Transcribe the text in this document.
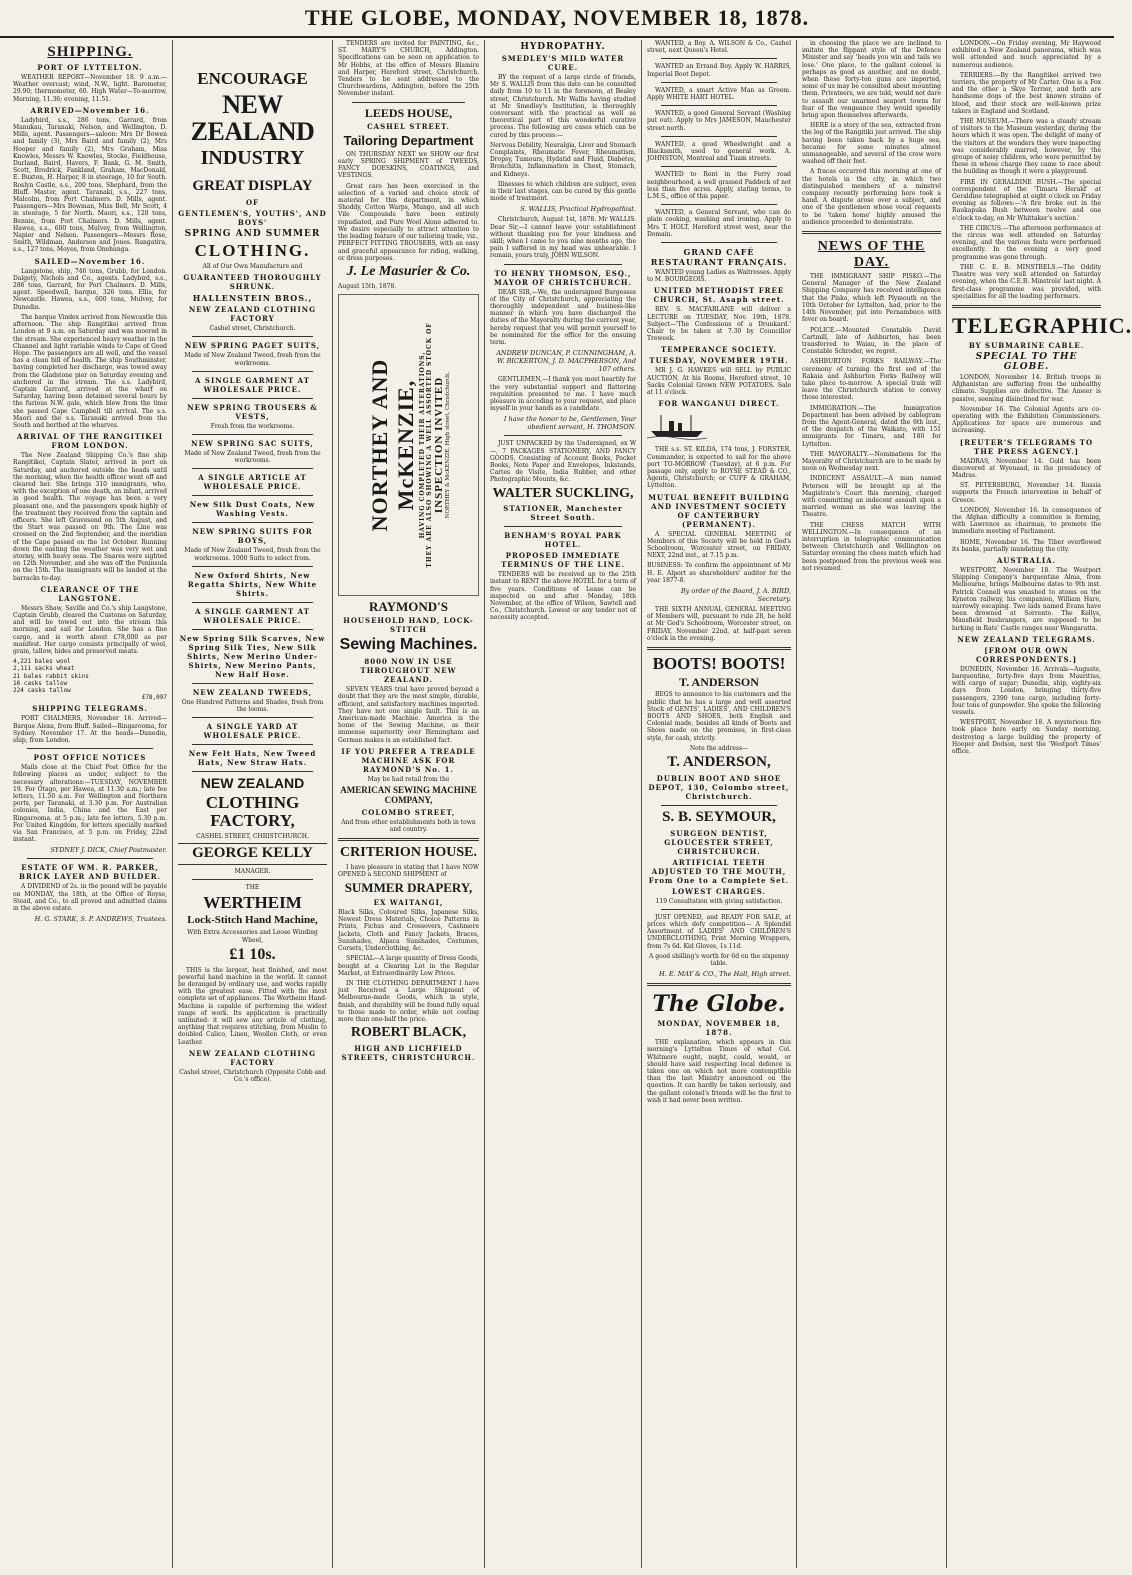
THE GLOBE, MONDAY, NOVEMBER 18, 1878.
SHIPPING.
PORT OF LYTTELTON.

WEATHER REPORT—November 18. 9 a.m.—Weather overcast; wind, N.W., light. Barometer, 29.90; thermometer, 60. High Water—To-morrow, Morning, 11.36; evening, 11.51.

ARRIVED—November 16.

Ladybird, s.s., 286 tons, Garrard, from Manukau, Taranaki, Nelson, and Wellington. D. Mills, agent. Passengers—saloon: Mrs Dr Bowen and family (3), Mrs Baird and family (2), Mrs Hooper and family (2), Mrs Graham, Miss Knowles, Messrs W. Knowles, Stocke, Fieldhouse, Durland, Baird, Havers, F. Bank, G. M. Smith, Scott, Brodrick, Fankland, Graham, MacDonald, E. Buxton, H. Harper, 8 in steerage, 10 for South. Roslyn Castle, s.s., 200 tons, Shephard, from the Bluff. Master, agent. Taranaki, s.s., 227 tons, Malcolm, from Port Chalmers. D. Mills, agent. Passengers—Mrs Bowman, Miss Bell, Mr Scott, 4 in steerage, 5 for North. Maori, s.s., 128 tons, Bennie, from Port Chalmers. D. Mills, agent. Hawea, s.s., 600 tons, Mulvey, from Wellington, Napier and Nelson. Passengers—Messrs Rose, Smith, Wildman, Andersen and Jones. Rangatira, s.s., 127 tons, Moyes, from Onehunga.

SAILED—November 16.

Langstone, ship, 746 tons, Grubb, for London. Dalgety, Nichols and Co., agents. Ladybird, s.s., 286 tons, Garrard, for Port Chalmers. D. Mills, agent. Speedwell, barque, 326 tons, Ellis, for Newcastle. Hawea, s.s., 600 tons, Mulvey, for Dunedin.

The barque Vindex arrived from Newcastle this afternoon. The ship Rangitikei arrived from London at 9 a.m. on Saturday and was moored in the stream. She experienced heavy weather in the Channel and light variable winds to Cape of Good Hope. The passengers are all well, and the vessel has a clean bill of health. The ship Southminster, having completed her discharge, was towed away from the Gladstone pier on Saturday evening and anchored in the stream. The s.s. Ladybird, Captain Garrard, arrived at the wharf on Saturday, having been detained several hours by the furious N.W. gale, which blew from the time she passed Cape Campbell till arrival. The s.s. Maori and the s.s. Taranaki arrived from the South and berthed at the wharves.

ARRIVAL OF THE RANGITIKEI FROM LONDON.

The New Zealand Shipping Co.'s fine ship Rangitikei, Captain Slater, arrived in port on Saturday, and anchored outside the heads until the morning, when the health officer went off and cleared her. She brings 310 immigrants, who, with the exception of one death, an infant, arrived in good health. The voyage has been a very pleasant one, and the passengers speak highly of the treatment they received from the captain and officers. She left Gravesend on 5th August, and the Start was passed on 9th. The Line was crossed on the 2nd September, and the meridian of the Cape passed on the 1st October. Running down the easting the weather was very wet and stormy, with heavy seas. The Snares were sighted on 12th November, and she was off the Peninsula on the 15th. The immigrants will be landed at the barracks to-day.

CLEARANCE OF THE LANGSTONE.

Messrs Shaw, Saville and Co.'s ship Langstone, Captain Grubb, cleared the Customs on Saturday, and will be towed out into the stream this morning, and sail for London. She has a fine cargo, and is worth about £78,000 as per manifest. Her cargo consists principally of wool, grain, tallow, hides and preserved meats.

4,221 bales wool
2,111 sacks wheat
21 bales rabbit skins
16 casks tallow
224 casks tallow
£78,097
SHIPPING TELEGRAMS.

PORT CHALMERS, November 16. Arrived—Barque Alexa, from Bluff. Sailed—Ringarooma, for Sydney. November 17. At the heads—Dunedin, ship, from London.

POST OFFICE NOTICES

Mails close at the Chief Post Office for the following places as under, subject to the necessary alterations:—TUESDAY, NOVEMBER 19. For Otago, per Hawea, at 11.30 a.m.; late fee letters, 11.50 a.m. For Wellington and Northern ports, per Taranaki, at 3.30 p.m. For Australian colonies, India, China and the East per Ringarooma, at 5 p.m.; late fee letters, 5.30 p.m. For United Kingdom, for letters specially marked via San Francisco, at 5 p.m. on Friday, 22nd instant.

SYDNEY J. DICK, Chief Postmaster.
ESTATE OF WM. R. PARKER, BRICK LAYER AND BUILDER.

A DIVIDEND of 2s. in the pound will be payable on MONDAY, the 18th, at the Office of Royse, Stead, and Co., to all proved and admitted claims in the above estate.

H. G. STARK, S. P. ANDREWS, Trustees.
ENCOURAGE
NEW ZEALAND
INDUSTRY
GREAT DISPLAY
OF
GENTLEMEN'S, YOUTHS', AND BOYS'
SPRING AND SUMMER
CLOTHING.
All of Our Own Manufacture and
GUARANTEED THOROUGHLY SHRUNK.
HALLENSTEIN BROS.,
NEW ZEALAND CLOTHING FACTORY
Cashel street, Christchurch.
NEW SPRING PAGET SUITS,
Made of New Zealand Tweed, fresh from the workrooms.
A SINGLE GARMENT AT WHOLESALE PRICE.
NEW SPRING TROUSERS & VESTS,
Fresh from the workrooms.
NEW SPRING SAC SUITS,
Made of New Zealand Tweed, fresh from the workrooms.
A SINGLE ARTICLE AT WHOLESALE PRICE.
New Silk Dust Coats, New Washing Vests.
NEW SPRING SUITS FOR BOYS,
Made of New Zealand Tweed, fresh from the workrooms. 1000 Suits to select from.
New Oxford Shirts, New Regatta Shirts, New White Shirts.
A SINGLE GARMENT AT WHOLESALE PRICE.
New Spring Silk Scarves, New Spring Silk Ties, New Silk Shirts, New Merino Under-Shirts, New Merino Pants, New Half Hose.
NEW ZEALAND TWEEDS,
One Hundred Patterns and Shades, fresh from the looms.
A SINGLE YARD AT WHOLESALE PRICE.
New Felt Hats, New Tweed Hats, New Straw Hats.
NEW ZEALAND
CLOTHING FACTORY,
CASHEL STREET, CHRISTCHURCH.
GEORGE KELLY
MANAGER.
THE
WERTHEIM
Lock-Stitch Hand Machine,
With Extra Accessories and Loose Winding Wheel,
£1 10s.

THIS is the largest, best finished, and most powerful hand machine in the world. It cannot be deranged by ordinary use, and works rapidly with the greatest ease. Fitted with the most complete set of appliances. The Wertheim Hand-Machine is capable of performing the widest range of work. Its application is practically unlimited: it will sew any article of clothing, anything that requires stitching, from Muslin to doubled Calico, Linen, Woollen Cloth, or even Leather.

NEW ZEALAND CLOTHING FACTORY
Cashel street, Christchurch (Opposite Cobb and Co.'s office).

TENDERS are invited for PAINTING, &c., ST. MARY'S CHURCH, Addington. Specifications can be seen on application to Mr Hobbs, at the office of Messrs Blamire and Harper, Hereford street, Christchurch. Tenders to be sent addressed to the Churchwardens, Addington, before the 25th November instant.

LEEDS HOUSE,
CASHEL STREET.
Tailoring Department

ON THURSDAY NEXT we SHOW our first early SPRING SHIPMENT of TWEEDS, FANCY DOESKINS, COATINGS, and VESTINGS.

Great care has been exercised in the selection of a varied and choice stock of material for this department, in which Shoddy, Cotton Warps, Mungo, and all such Vile Compounds have been entirely repudiated, and Pure Wool Alone adhered to. We desire especially to attract attention to the leading feature of our tailoring trade, viz., PERFECT FITTING TROUSERS, with an easy and graceful appearance for riding, walking, or dress purposes.

J. Le Masurier & Co.
August 15th, 1878.
NORTHEY AND McKENZIE, HAVING COMPLETED THEIR ALTERATIONS, THEY ARE ALSO SHOWING A WELL ASSORTED STOCK OF INSPECTION INVITED NORTHEY & McKENZIE, High street, Christchurch.
RAYMOND'S
HOUSEHOLD HAND, LOCK-STITCH
Sewing Machines.
8000 NOW IN USE THROUGHOUT NEW ZEALAND.

SEVEN YEARS trial have proved beyond a doubt that they are the most simple, durable, efficient, and satisfactory machines imported. They have not one single fault. This is an American-made Machine. America is the home of the Sewing Machine, as their immense superiority over Birmingham and German makes is an established fact.

IF YOU PREFER A TREADLE MACHINE ASK FOR RAYMOND'S No. 1.
May be had retail from the
AMERICAN SEWING MACHINE COMPANY,
COLOMBO STREET,
And from other establishments both in town and country.
CRITERION HOUSE.

I have pleasure in stating that I have NOW OPENED a SECOND SHIPMENT of

SUMMER DRAPERY,
EX WAITANGI,

Black Silks, Coloured Silks, Japanese Silks, Newest Dress Materials, Choice Patterns in Prints, Fichus and Crossovers, Cashmere Jackets, Cloth and Fancy Jackets, Braces, Sunshades, Alpaca Sunshades, Costumes, Corsets, Underclothing, &c.

SPECIAL—A large quantity of Dress Goods, bought at a Clearing Lot in the Regular Market, at Extraordinarily Low Prices.

IN THE CLOTHING DEPARTMENT I have just Received a Large Shipment of Melbourne-made Goods, which in style, finish, and durability will be found fully equal to those made to order, while not costing more than one-half the price.

ROBERT BLACK,
HIGH AND LICHFIELD STREETS, CHRISTCHURCH.
HYDROPATHY.
SMEDLEY'S MILD WATER CURE.

BY the request of a large circle of friends, Mr S. WALLIS from this date can be consulted daily from 10 to 11 in the forenoon, at Bealey street, Christchurch. Mr Wallis having studied at Mr Smedley's Institution, is thoroughly conversant with the practical as well as theoretical part of this wonderful curative process. The following are cases which can be cured by this process:—

Nervous Debility, Neuralgia, Liver and Stomach Complaints, Rheumatic Fever, Rheumatism, Dropsy, Tumours, Hydatid and Fluid, Diabetes, Bronchitis, Inflammation in Chest, Stomach, and Kidneys.

Illnesses to which children are subject, even in their last stages, can be cured by this gentle mode of treatment.

S. WALLIS, Practical Hydropathist.

Christchurch, August 1st, 1878. Mr WALLIS. Dear Sir,—I cannot leave your establishment without thanking you for your kindness and skill; when I came to you nine months ago, the pain I suffered in my head was unbearable. I remain, yours truly, JOHN WILSON.

TO HENRY THOMSON, ESQ., MAYOR OF CHRISTCHURCH.

DEAR SIR,—We, the undersigned Burgesses of the City of Christchurch, appreciating the thoroughly independent and business-like manner in which you have discharged the duties of the Mayoralty during the current year, hereby request that you will permit yourself to be nominated for the office for the ensuing term.

ANDREW DUNCAN, P. CUNNINGHAM, A. W. BICKERTON, J. D. MACPHERSON, And 107 others.

GENTLEMEN,—I thank you most heartily for the very substantial support and flattering requisition presented to me. I have much pleasure in acceding to your request, and place myself in your hands as a candidate.

I have the honor to be, Gentlemen, Your obedient servant, H. THOMSON.

JUST UNPACKED by the Undersigned, ex W—, 7 PACKAGES STATIONERY, AND FANCY GOODS, Consisting of Account Books, Pocket Books, Note Paper and Envelopes, Inkstands, Cartes de Visite, India Rubber, and other Photographic Mounts, &c.

WALTER SUCKLING,
STATIONER, Manchester Street South.
BENHAM'S ROYAL PARK HOTEL.
PROPOSED IMMEDIATE TERMINUS OF THE LINE.

TENDERS will be received up to the 25th instant to RENT the above HOTEL for a term of five years. Conditions of Lease can be inspected on and after Monday, 18th November, at the office of Wilson, Sawtell and Co., Christchurch. Lowest or any tender not of necessity accepted.

WANTED, a Boy. A. WILSON & Co., Cashel street, next Queen's Hotel.

WANTED an Errand Boy. Apply W. HARRIS, Imperial Boot Depot.

WANTED, a smart Active Man as Groom. Apply WHITE HART HOTEL.

WANTED, a good General Servant (Washing put out). Apply to Mrs JAMESON, Manchester street north.

WANTED, a good Wheelwright and a Blacksmith, used to general work. A. JOHNSTON, Montreal and Tuam streets.

WANTED to Rent in the Ferry road neighbourhood, a well grassed Paddock of not less than five acres. Apply, stating terms, to L.M.S., office of this paper.

WANTED, a General Servant, who can do plain cooking, washing and ironing. Apply to Mrs T. HOLT, Hereford street west, near the Domain.

GRAND CAFÉ RESTAURANT FRANÇAIS.

WANTED young Ladies as Waitresses. Apply to M. BOURGEOIS.

UNITED METHODIST FREE CHURCH, St. Asaph street.

REV. S. MACFARLANE will deliver a LECTURE on TUESDAY, Nov. 19th, 1878. Subject—'The Confessions of a Drunkard.' Chair to be taken at 7.30 by Councillor Treweek.

TEMPERANCE SOCIETY.
TUESDAY, NOVEMBER 19TH.

MR J. G. HAWKES will SELL by PUBLIC AUCTION, At his Rooms, Hereford street, 10 Sacks Colonial Grown NEW POTATOES. Sale at 11 o'clock.

FOR WANGANUI DIRECT.

THE s.s. ST. KILDA, 174 tons, J. FORSTER, Commander, is expected to sail for the above port TO-MORROW (Tuesday), at 6 p.m. For passage only, apply to ROYSE STEAD & CO., Agents, Christchurch; or CUFF & GRAHAM, Lyttelton.

MUTUAL BENEFIT BUILDING AND INVESTMENT SOCIETY OF CANTERBURY (PERMANENT).

A SPECIAL GENERAL MEETING of Members of this Society will be held in God's Schoolroom, Worcester street, on FRIDAY, NEXT, 22nd inst., at 7.15 p.m.

BUSINESS: To confirm the appointment of Mr H. E. Alport as shareholders' auditor for the year 1877-8.

By order of the Board, J. A. BIRD, Secretary.

THE SIXTH ANNUAL GENERAL MEETING of Members will, pursuant to rule 28, be held at Mr God's Schoolroom, Worcester street, on FRIDAY, November 22nd, at half-past seven o'clock in the evening.

BOOTS! BOOTS!
T. ANDERSON

BEGS to announce to his customers and the public that he has a large and well assorted Stock of GENTS', LADIES', AND CHILDREN'S BOOTS AND SHOES, both English and Colonial made, besides all kinds of Boots and Shoes made on the premises, in first-class style, for cash, strictly.

Note the address—
T. ANDERSON,
DUBLIN BOOT AND SHOE DEPOT, 130, Colombo street, Christchurch.
S. B. SEYMOUR,
SURGEON DENTIST, GLOUCESTER STREET, CHRISTCHURCH.
ARTIFICIAL TEETH ADJUSTED TO THE MOUTH, From One to a Complete Set.
LOWEST CHARGES.
119 Consultation with giving satisfaction.

JUST OPENED, and READY FOR SALE, at prices which defy competition— A Splendid Assortment of LADIES' AND CHILDREN'S UNDERCLOTHING, Print Morning Wrappers, from 7s 6d. Kid Gloves, 1s 11d.

A good shilling's worth for 6d on the sixpenny table.

H. E. MAY & CO., The Hall, High street.
The Globe.
MONDAY, NOVEMBER 18, 1878.

THE explanation, which appears in this morning's Lyttelton Times of what Col. Whitmore ought, might, could, would, or should have said respecting local defence is taken one on which not more contemptible than the last Ministry announced on the question. It can hardly be taken seriously, and the gallant colonel's friends will be the first to wish it had never been written.

in choosing the place we are inclined to imitate the flippant style of the Defence Minister and say 'heads you win and tails we lose.' One place, to the gallant colonel is perhaps as good as another, and no doubt, when these forty-ton guns are imported, some of us may be consulted about mounting them. Privateers, we are told, would not dare to assault our unarmed seaport towns for fear of the vengeance they would speedily bring upon themselves afterwards.

HERE is a story of the sea, extracted from the log of the Rangitiki just arrived. The ship having been taken back by a huge sea, became for some minutes almost unmanageable, and several of the crew were washed off their feet.

A fracas occurred this morning at one of the hotels in the city, in which two distinguished members of a minstrel company recently performing here took a hand. A dispute arose over a subject, and one of the gentlemen whose vocal requests to be 'taken home' highly amused the audience proceeded to demonstrate.

NEWS OF THE DAY.

THE IMMIGRANT SHIP PISKO.—The General Manager of the New Zealand Shipping Company has received intelligence that the Pisko, which left Plymouth on the 10th October for Lyttelton, had, prior to the 14th November, put into Pernambuco with fever on board.

POLICE.—Mounted Constable David Cartmill, late of Ashburton, has been transferred to Waiau, in the place of Constable Schroder, we regret.

ASHBURTON FORKS RAILWAY.—The ceremony of turning the first sod of the Rakaia and Ashburton Forks Railway will take place to-morrow. A special train will leave the Christchurch station to convey those interested.

IMMIGRATION.—The Immigration Department has been advised by cablegram from the Agent-General, dated the 6th inst., of the despatch of the Waikato, with 151 immigrants for Timaru, and 180 for Lyttelton.

THE MAYORALTY.—Nominations for the Mayoralty of Christchurch are to be made by noon on Wednesday next.

INDECENT ASSAULT.—A man named Peterson will be brought up at the Magistrate's Court this morning, charged with committing an indecent assault upon a married woman as she was leaving the Theatre.

THE CHESS MATCH WITH WELLINGTON.—In consequence of an interruption in telegraphic communication between Christchurch and Wellington on Saturday evening the chess match which had been postponed from the previous week was not resumed.

LONDON.—On Friday evening, Mr Haywood exhibited a New Zealand panorama, which was well attended and much appreciated by a numerous audience.

TERRIERS.—By the Rangitikei arrived two terriers, the property of Mr Carter. One is a Fox and the other a Skye Terrier, and both are handsome dogs of the best known strains of blood, and their stock are well-known prize takers in England and Scotland.

THE MUSEUM.—There was a steady stream of visitors to the Museum yesterday, during the hours which it was open. The delight of many of the visitors at the wonders they were inspecting was considerably marred, however, by the groups of noisy children, who were permitted by those in whose charge they came to race about the building as though it were a playground.

FIRE IN GERALDINE BUSH.—The special correspondent of the 'Timaru Herald' at Geraldine telegraphed at eight o'clock on Friday evening as follows:—'A fire broke out in the Raukapuka Bush between twelve and one o'clock to-day, on Mr Whittaker's section.'

THE CIRCUS.—The afternoon performance at the circus was well attended on Saturday evening, and the various feats were performed excellently. In the evening a very good programme was gone through.

THE C. E. B. MINSTRELS.—The Oddity Theatre was very well attended on Saturday evening, when the C.E.B. Minstrels' last night. A first-class programme was provided, with specialities for all the leading performers.

TELEGRAPHIC.
BY SUBMARINE CABLE.
SPECIAL TO THE GLOBE.

LONDON, November 14. British troops in Afghanistan are suffering from the unhealthy climate. Supplies are defective. The Ameer is passive, seeming disinclined for war.

November 16. The Colonial Agents are co-operating with the Exhibition Commissioners. Applications for space are numerous and increasing.

[REUTER'S TELEGRAMS TO THE PRESS AGENCY.]

MADRAS, November 14. Gold has been discovered at Wyenaad, in the presidency of Madras.

ST. PETERSBURG, November 14. Russia supports the French intervention in behalf of Greece.

LONDON, November 16. In consequence of the Afghan difficulty a committee is forming, with Lawrence as chairman, to promote the immediate meeting of Parliament.

ROME, November 16. The Tiber overflowed its banks, partially inundating the city.

AUSTRALIA.

WESTPORT, November 18. The Westport Shipping Company's barquentine Alma, from Melbourne, brings Melbourne dates to 9th inst. Patrick Connell was smashed to atoms on the Kyneton railway, his companion, William Hare, narrowly escaping. Two lads named Evans have been drowned at Sorrento. The Kellys, Mansfield bushrangers, are supposed to be lurking in Rats' Castle ranges near Wangaratta.

NEW ZEALAND TELEGRAMS.
[FROM OUR OWN CORRESPONDENTS.]

DUNEDIN, November 16. Arrivals—Auguste, barquentine, forty-five days from Mauritius, with cargo of sugar; Dunedin, ship, eighty-six days from London, bringing thirty-five passengers, 2390 tons cargo, including forty-four tons of gunpowder. She spoke the following vessels.

WESTPORT, November 18. A mysterious fire took place here early on Sunday morning, destroying a large building the property of Hooper and Dodson, next the 'Westport Times' office.
